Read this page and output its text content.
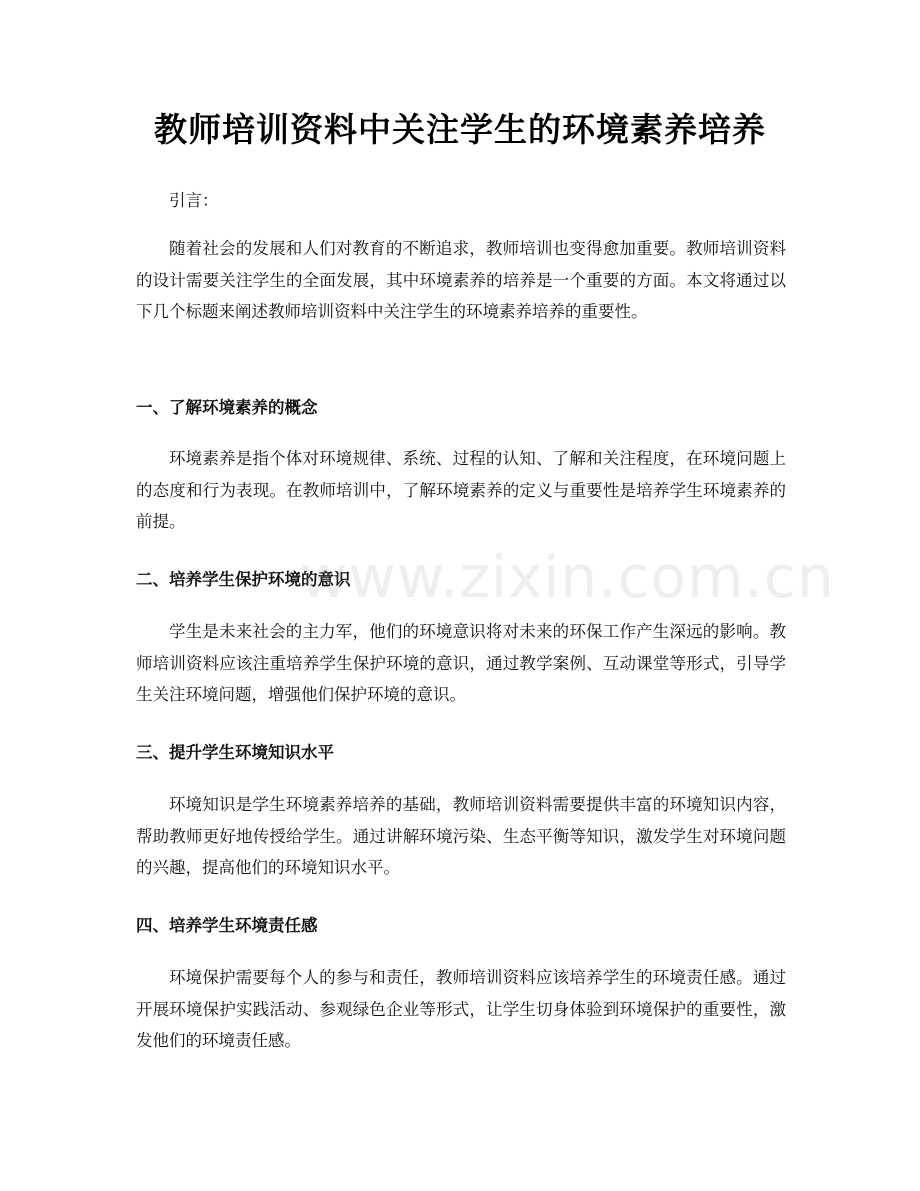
教师培训资料中关注学生的环境素养培养

引言：

随着社会的发展和人们对教育的不断追求，教师培训也变得愈加重要。教师培训资料的设计需要关注学生的全面发展，其中环境素养的培养是一个重要的方面。本文将通过以下几个标题来阐述教师培训资料中关注学生的环境素养培养的重要性。

一、了解环境素养的概念

环境素养是指个体对环境规律、系统、过程的认知、了解和关注程度，在环境问题上的态度和行为表现。在教师培训中，了解环境素养的定义与重要性是培养学生环境素养的前提。

二、培养学生保护环境的意识

学生是未来社会的主力军，他们的环境意识将对未来的环保工作产生深远的影响。教师培训资料应该注重培养学生保护环境的意识，通过教学案例、互动课堂等形式，引导学生关注环境问题，增强他们保护环境的意识。

三、提升学生环境知识水平

环境知识是学生环境素养培养的基础，教师培训资料需要提供丰富的环境知识内容，帮助教师更好地传授给学生。通过讲解环境污染、生态平衡等知识，激发学生对环境问题的兴趣，提高他们的环境知识水平。

四、培养学生环境责任感

环境保护需要每个人的参与和责任，教师培训资料应该培养学生的环境责任感。通过开展环境保护实践活动、参观绿色企业等形式，让学生切身体验到环境保护的重要性，激发他们的环境责任感。

www.zixin.com.cn
